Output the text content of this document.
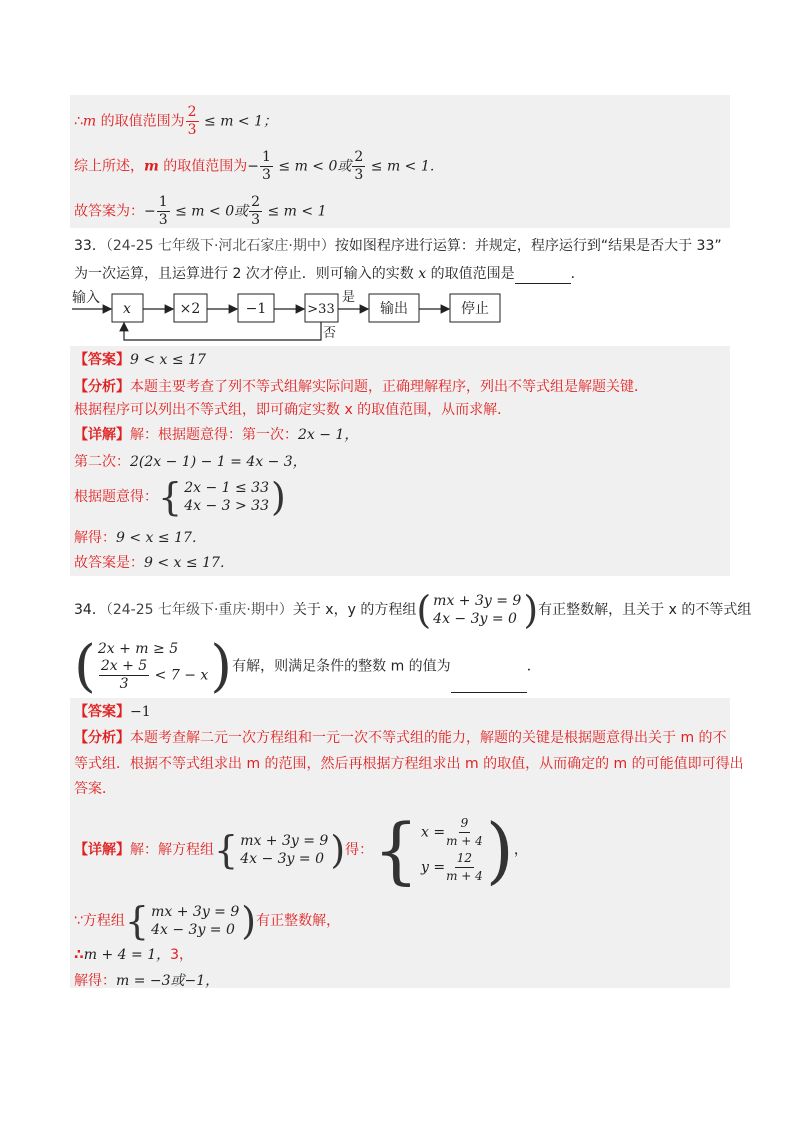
∴m 的取值范围为 $\frac{2}{3} \le m < 1$；
综上所述，m 的取值范围为− $\frac{1}{3} \le m < 0$或 $\frac{2}{3} \le m < 1$．
故答案为：− $\frac{1}{3} \le m < 0$或 $\frac{2}{3} \le m < 1$
33．（24-25 七年级下·河北石家庄·期中）按如图程序进行运算：并规定，程序运行到“结果是否大于 33”
为一次运算，且运算进行 2 次才停止．则可输入的实数 x 的取值范围是	．
输入
x	×2	−1	>33
是
输出	停止
否
【答案】9 < x ≤ 17
【分析】本题主要考查了列不等式组解实际问题，正确理解程序，列出不等式组是解题关键．
根据程序可以列出不等式组，即可确定实数 x 的取值范围，从而求解．
【详解】解：根据题意得：第一次：2x − 1，
第二次：2(2x − 1) − 1 = 4x − 3，
根据题意得： { 2x − 1 ≤ 33
4x − 3 > 33 )
解得：9 < x ≤ 17．
故答案是：9 < x ≤ 17．
34．（24-25 七年级下·重庆·期中）关于 x，y 的方程组 ( mx + 3y = 9
4x − 3y = 0 ) 有正整数解，且关于 x 的不等式组
( 2x + m ≥ 5
$\frac{2x + 5}{3} < 7 - x$ ) 有解，则满足条件的整数 m 的值为	．
【答案】−1
【分析】本题考查解二元一次方程组和一元一次不等式组的能力，解题的关键是根据题意得出关于 m 的不
等式组．根据不等式组求出 m 的范围，然后再根据方程组求出 m 的取值，从而确定的 m 的可能值即可得出
答案．
【详解】解：解方程组 { mx + 3y = 9
4x − 3y = 0 ) 得： { $x = \frac{9}{m + 4}$
$y = \frac{12}{m + 4}$ ) ，
∵方程组 { mx + 3y = 9
4x − 3y = 0 ) 有正整数解，
∴m + 4 = 1，3，
解得：m = −3或−1，
